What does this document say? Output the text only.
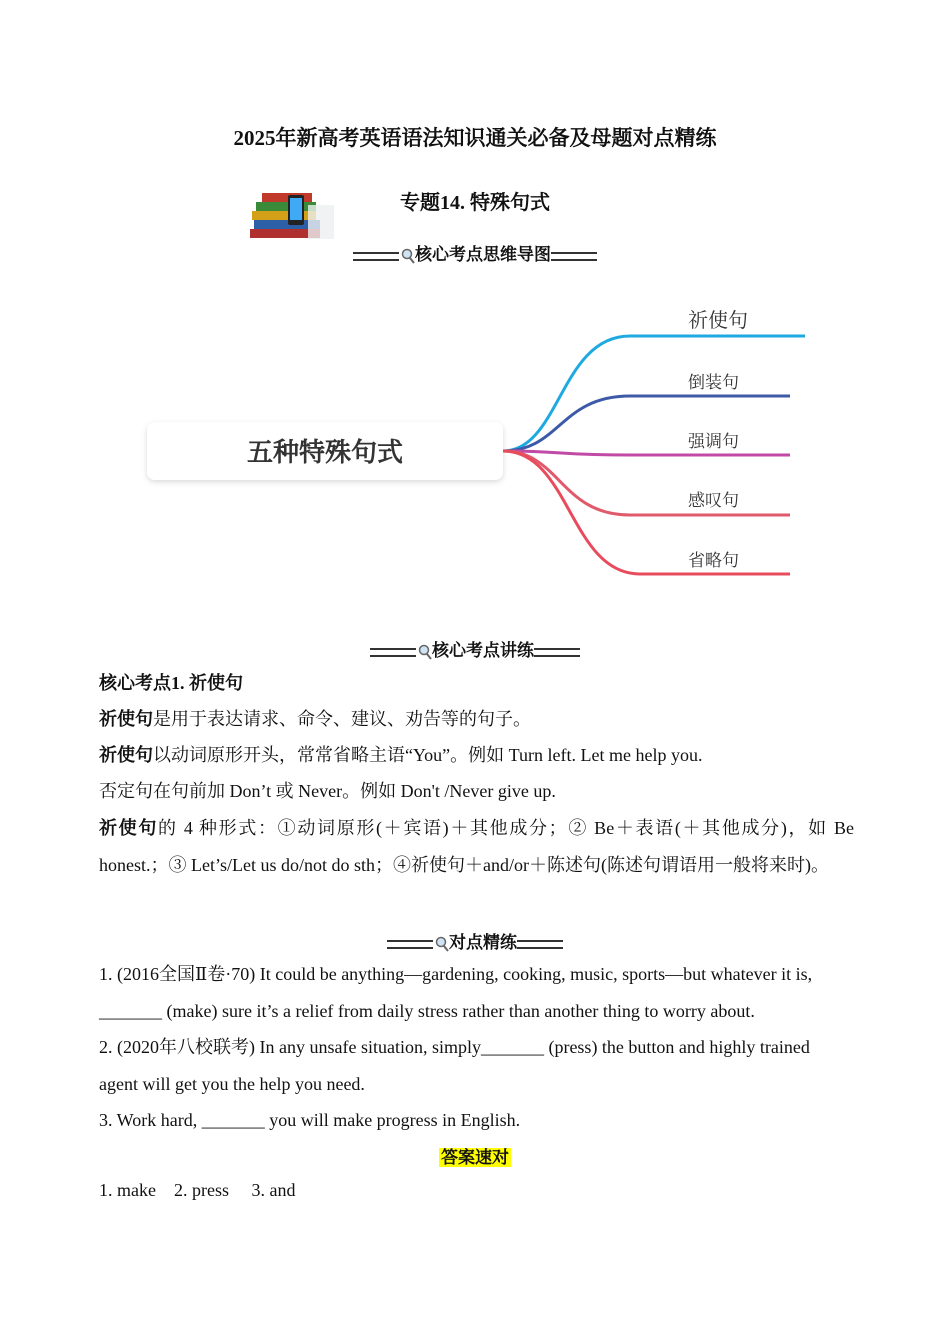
2025年新高考英语语法知识通关必备及母题对点精练
专题14. 特殊句式
核心考点思维导图
五种特殊句式
祈使句
倒装句
强调句
感叹句
省略句
核心考点讲练
核心考点1. 祈使句
祈使句是用于表达请求、命令、建议、劝告等的句子。
祈使句以动词原形开头，常常省略主语“You”。例如 Turn left. Let me help you.
否定句在句前加 Don’t 或 Never。例如 Don't /Never give up.
祈使句的 4 种形式：①动词原形(＋宾语)＋其他成分；② Be＋表语(＋其他成分)，如 Be honest.；③ Let’s/Let us do/not do sth；④祈使句＋and/or＋陈述句(陈述句谓语用一般将来时)。
对点精练
1. (2016全国Ⅱ卷·70) It could be anything—gardening, cooking, music, sports—but whatever it is, _______ (make) sure it’s a relief from daily stress rather than another thing to worry about.
2. (2020年八校联考) In any unsafe situation, simply_______ (press) the button and highly trained agent will get you the help you need.
3. Work hard, _______ you will make progress in English.
答案速对
1. make    2. press     3. and
